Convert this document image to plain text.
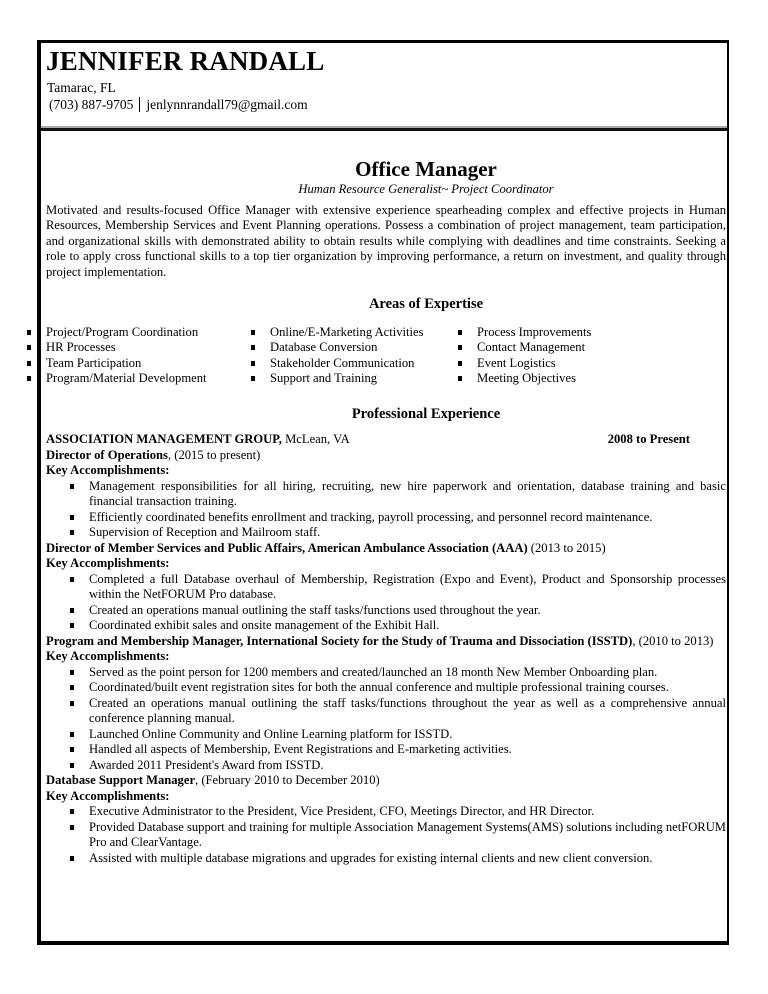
JENNIFER RANDALL
Tamarac, FL
(703) 887-9705 jenlynnrandall79@gmail.com
Office Manager
Human Resource Generalist~ Project Coordinator
Motivated and results-focused Office Manager with extensive experience spearheading complex and effective projects in Human Resources, Membership Services and Event Planning operations. Possess a combination of project management, team participation, and organizational skills with demonstrated ability to obtain results while complying with deadlines and time constraints. Seeking a role to apply cross functional skills to a top tier organization by improving performance, a return on investment, and quality through project implementation.
Areas of Expertise
Project/Program Coordination
HR Processes
Team Participation
Program/Material Development
Online/E-Marketing Activities
Database Conversion
Stakeholder Communication
Support and Training
Process Improvements
Contact Management
Event Logistics
Meeting Objectives
Professional Experience
ASSOCIATION MANAGEMENT GROUP, McLean, VA	2008 to Present
Director of Operations, (2015 to present)
Key Accomplishments:
Management responsibilities for all hiring, recruiting, new hire paperwork and orientation, database training and basic financial transaction training.
Efficiently coordinated benefits enrollment and tracking, payroll processing, and personnel record maintenance.
Supervision of Reception and Mailroom staff.
Director of Member Services and Public Affairs, American Ambulance Association (AAA) (2013 to 2015)
Key Accomplishments:
Completed a full Database overhaul of Membership, Registration (Expo and Event), Product and Sponsorship processes within the NetFORUM Pro database.
Created an operations manual outlining the staff tasks/functions used throughout the year.
Coordinated exhibit sales and onsite management of the Exhibit Hall.
Program and Membership Manager, International Society for the Study of Trauma and Dissociation (ISSTD), (2010 to 2013)
Key Accomplishments:
Served as the point person for 1200 members and created/launched an 18 month New Member Onboarding plan.
Coordinated/built event registration sites for both the annual conference and multiple professional training courses.
Created an operations manual outlining the staff tasks/functions throughout the year as well as a comprehensive annual conference planning manual.
Launched Online Community and Online Learning platform for ISSTD.
Handled all aspects of Membership, Event Registrations and E-marketing activities.
Awarded 2011 President's Award from ISSTD.
Database Support Manager, (February 2010 to December 2010)
Key Accomplishments:
Executive Administrator to the President, Vice President, CFO, Meetings Director, and HR Director.
Provided Database support and training for multiple Association Management Systems(AMS) solutions including netFORUM Pro and ClearVantage.
Assisted with multiple database migrations and upgrades for existing internal clients and new client conversion.
